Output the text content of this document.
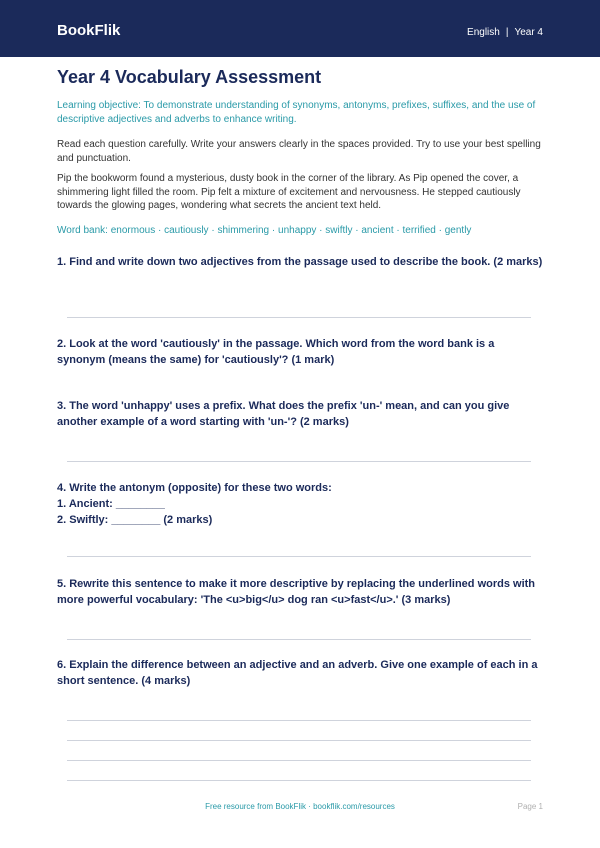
BookFlik	English | Year 4
Year 4 Vocabulary Assessment
Learning objective: To demonstrate understanding of synonyms, antonyms, prefixes, suffixes, and the use of descriptive adjectives and adverbs to enhance writing.
Read each question carefully. Write your answers clearly in the spaces provided. Try to use your best spelling and punctuation.
Pip the bookworm found a mysterious, dusty book in the corner of the library. As Pip opened the cover, a shimmering light filled the room. Pip felt a mixture of excitement and nervousness. He stepped cautiously towards the glowing pages, wondering what secrets the ancient text held.
Word bank: enormous · cautiously · shimmering · unhappy · swiftly · ancient · terrified · gently
1. Find and write down two adjectives from the passage used to describe the book. (2 marks)
2. Look at the word 'cautiously' in the passage. Which word from the word bank is a synonym (means the same) for 'cautiously'? (1 mark)
3. The word 'unhappy' uses a prefix. What does the prefix 'un-' mean, and can you give another example of a word starting with 'un-'? (2 marks)
4. Write the antonym (opposite) for these two words:
1. Ancient: ________
2. Swiftly: ________ (2 marks)
5. Rewrite this sentence to make it more descriptive by replacing the underlined words with more powerful vocabulary: 'The <u>big</u> dog ran <u>fast</u>.' (3 marks)
6. Explain the difference between an adjective and an adverb. Give one example of each in a short sentence. (4 marks)
Free resource from BookFlik · bookflik.com/resources	Page 1
